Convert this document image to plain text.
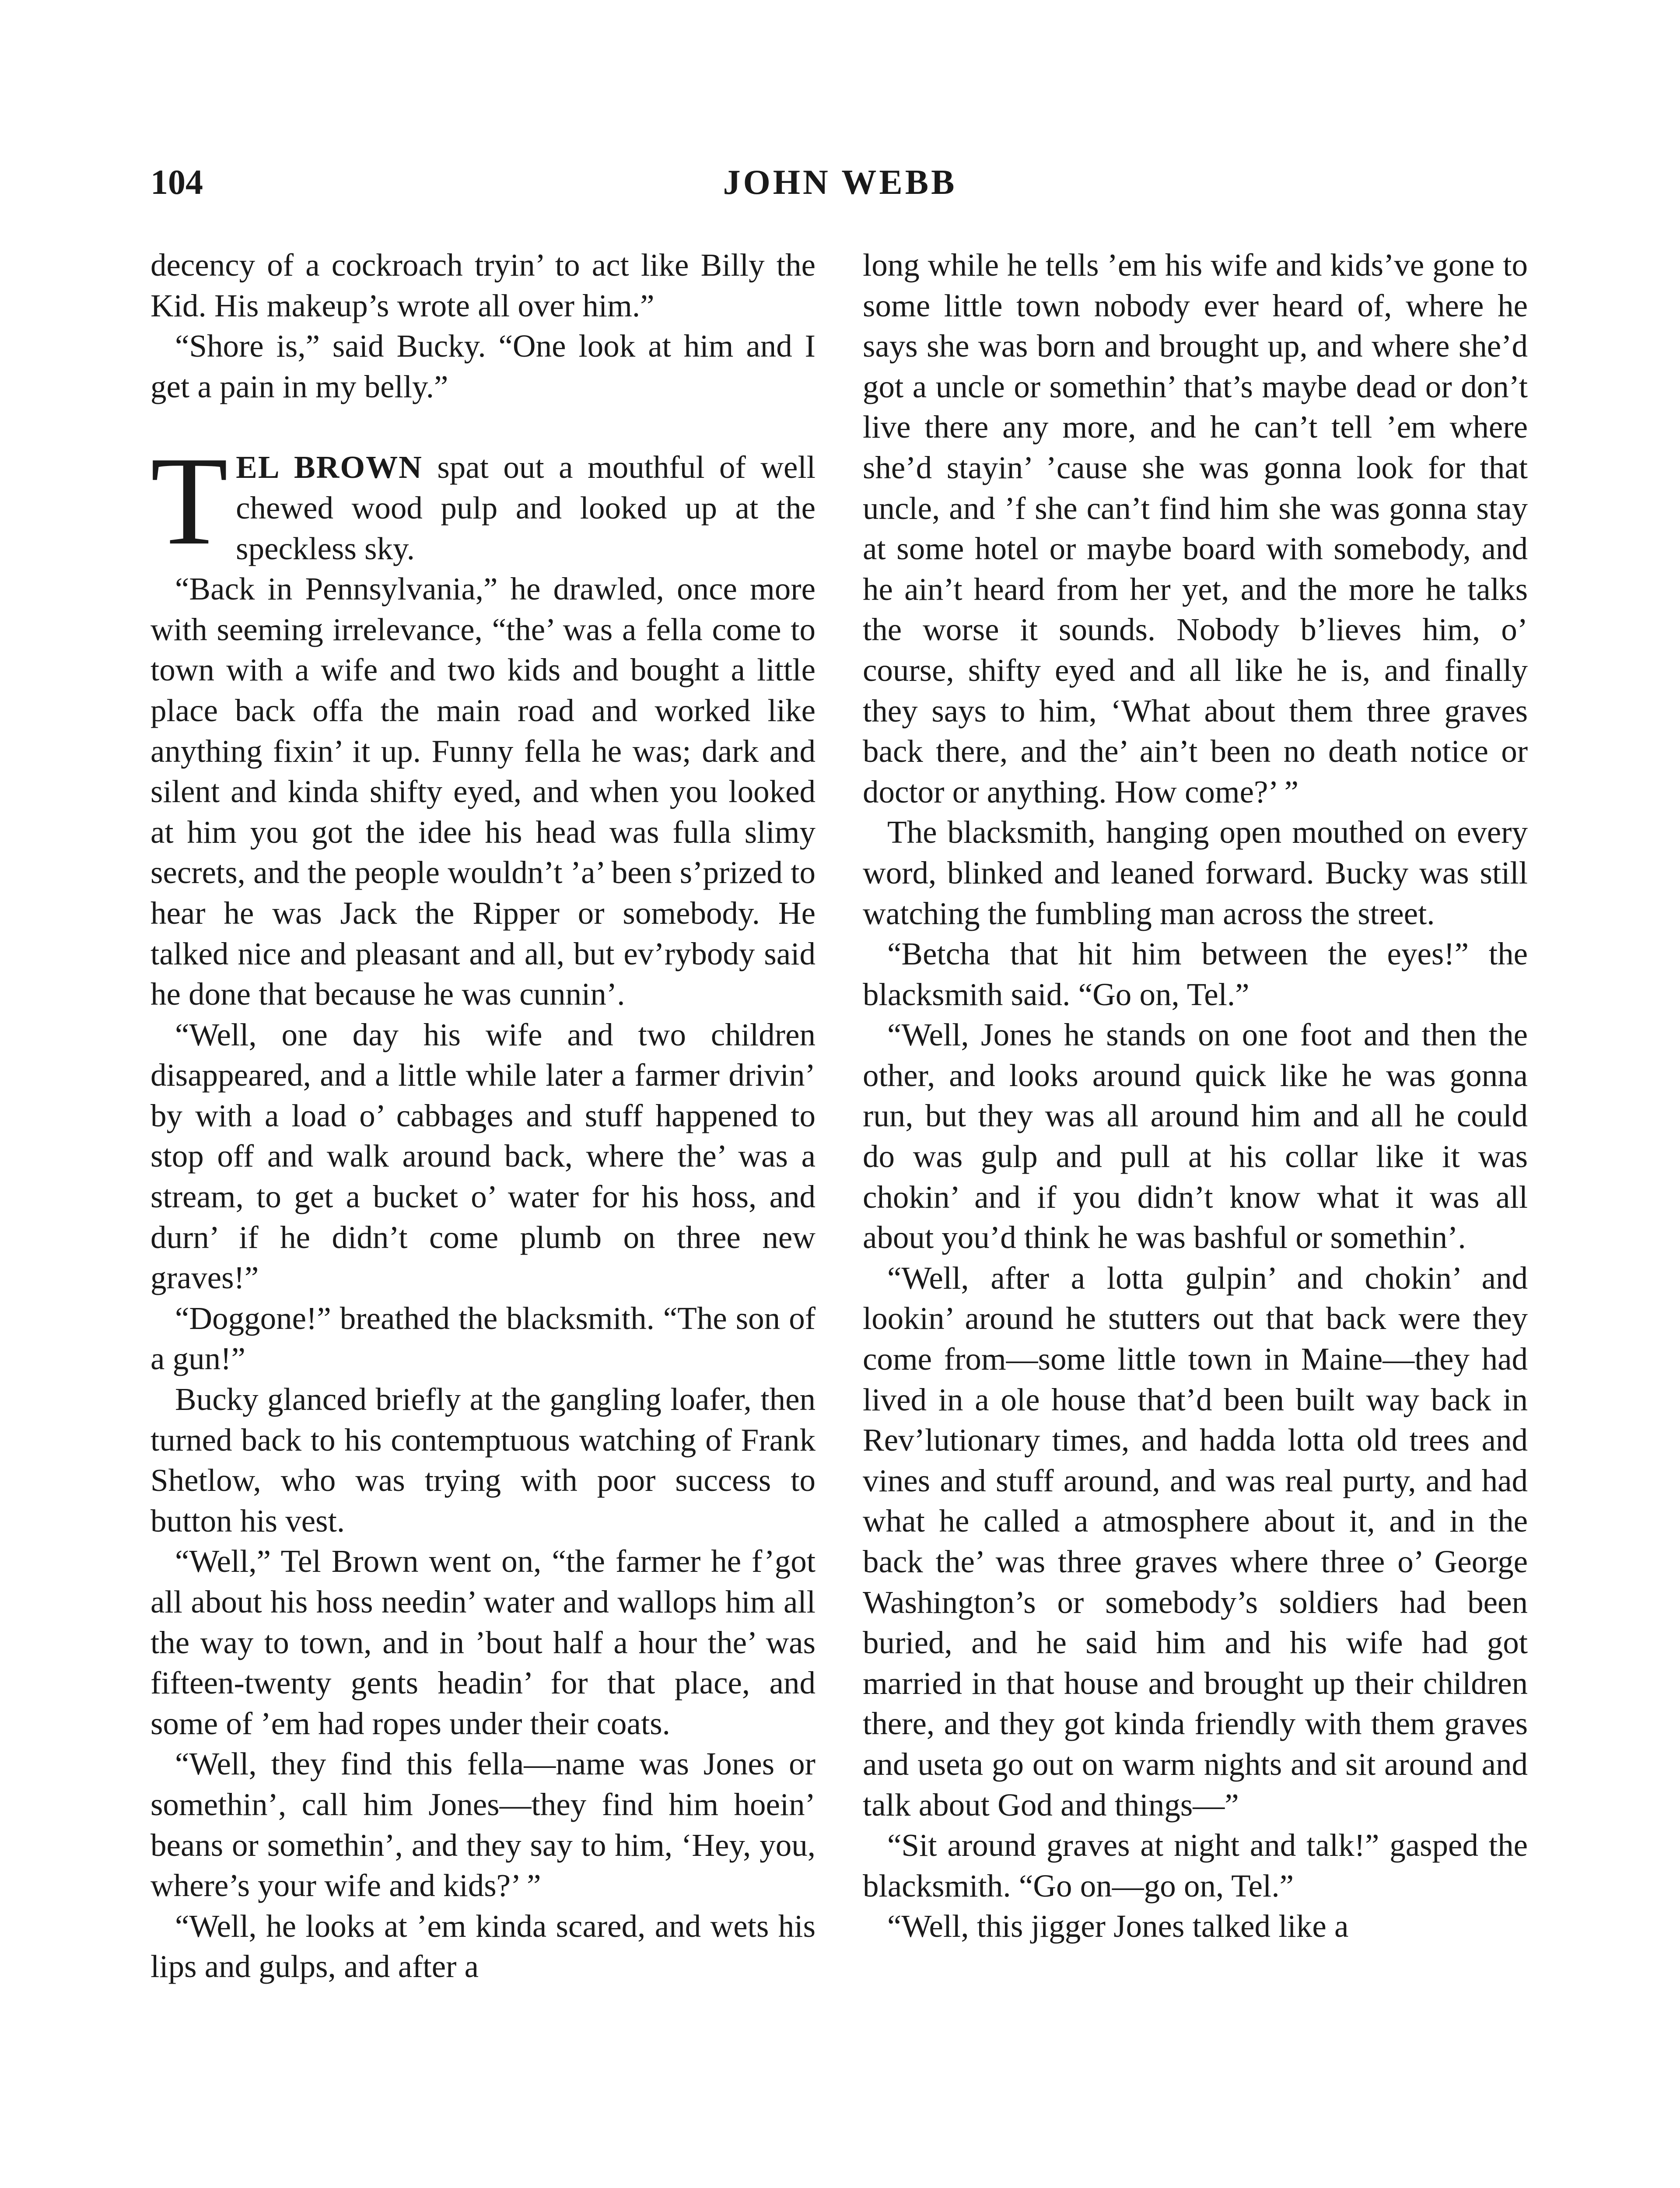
104	JOHN WEBB

decency of a cockroach tryin’ to act like Billy the Kid. His makeup’s wrote all over him.”

“Shore is,” said Bucky. “One look at him and I get a pain in my belly.”

TEL BROWN spat out a mouthful of well chewed wood pulp and looked up at the speckless sky.

“Back in Pennsylvania,” he drawled, once more with seeming irrelevance, “the’ was a fella come to town with a wife and two kids and bought a little place back offa the main road and worked like anything fixin’ it up. Funny fella he was; dark and silent and kinda shifty eyed, and when you looked at him you got the idee his head was fulla slimy secrets, and the people wouldn’t ’a’ been s’prized to hear he was Jack the Ripper or somebody. He talked nice and pleasant and all, but ev’rybody said he done that because he was cunnin’.

“Well, one day his wife and two children disappeared, and a little while later a farmer drivin’ by with a load o’ cabbages and stuff happened to stop off and walk around back, where the’ was a stream, to get a bucket o’ water for his hoss, and durn’ if he didn’t come plumb on three new graves!”

“Doggone!” breathed the blacksmith. “The son of a gun!”

Bucky glanced briefly at the gangling loafer, then turned back to his contemptuous watching of Frank Shetlow, who was trying with poor success to button his vest.

“Well,” Tel Brown went on, “the farmer he f’got all about his hoss needin’ water and wallops him all the way to town, and in ’bout half a hour the’ was fifteen-twenty gents headin’ for that place, and some of ’em had ropes under their coats.

“Well, they find this fella—name was Jones or somethin’, call him Jones—they find him hoein’ beans or somethin’, and they say to him, ‘Hey, you, where’s your wife and kids?’ ”

“Well, he looks at ’em kinda scared, and wets his lips and gulps, and after a

long while he tells ’em his wife and kids’ve gone to some little town nobody ever heard of, where he says she was born and brought up, and where she’d got a uncle or somethin’ that’s maybe dead or don’t live there any more, and he can’t tell ’em where she’d stayin’ ’cause she was gonna look for that uncle, and ’f she can’t find him she was gonna stay at some hotel or maybe board with somebody, and he ain’t heard from her yet, and the more he talks the worse it sounds. Nobody b’lieves him, o’ course, shifty eyed and all like he is, and finally they says to him, ‘What about them three graves back there, and the’ ain’t been no death notice or doctor or anything. How come?’ ”

The blacksmith, hanging open mouthed on every word, blinked and leaned forward. Bucky was still watching the fumbling man across the street.

“Betcha that hit him between the eyes!” the blacksmith said. “Go on, Tel.”

“Well, Jones he stands on one foot and then the other, and looks around quick like he was gonna run, but they was all around him and all he could do was gulp and pull at his collar like it was chokin’ and if you didn’t know what it was all about you’d think he was bashful or somethin’.

“Well, after a lotta gulpin’ and chokin’ and lookin’ around he stutters out that back were they come from—some little town in Maine—they had lived in a ole house that’d been built way back in Rev’lutionary times, and hadda lotta old trees and vines and stuff around, and was real purty, and had what he called a atmosphere about it, and in the back the’ was three graves where three o’ George Washington’s or somebody’s soldiers had been buried, and he said him and his wife had got married in that house and brought up their children there, and they got kinda friendly with them graves and useta go out on warm nights and sit around and talk about God and things—”

“Sit around graves at night and talk!” gasped the blacksmith. “Go on—go on, Tel.”

“Well, this jigger Jones talked like a
